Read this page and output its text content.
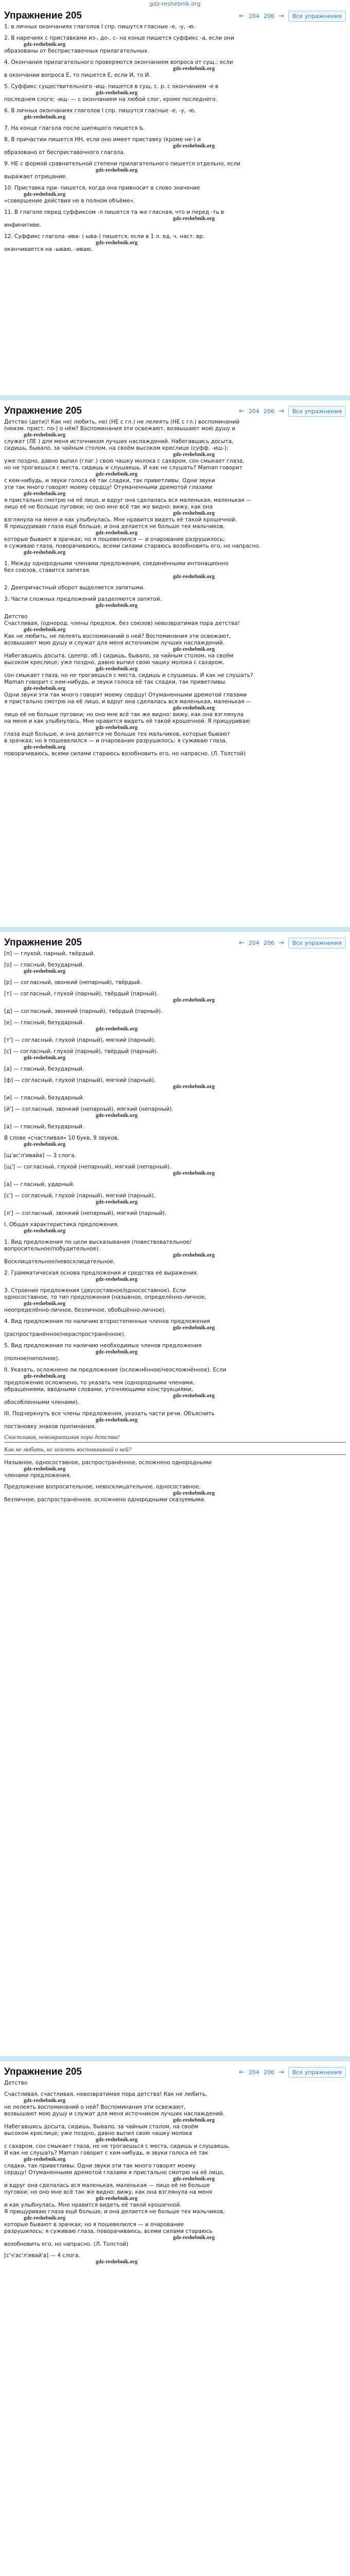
gdz-reshebnik.org
Упражнение 205	← 204 206 →	Все упражнения
1. в личных окончаниях глаголов I спр. пишутся гласные -е, -у, -ю.
2. В наречиях с приставками из-, до-, с- на конце пишется суффикс -а, если они
gdz-reshebnik.org
образованы от бесприставочных прилагательных.
4. Окончания прилагательного проверяются окончанием вопроса от сущ.; если
gdz-reshebnik.org
в окончании вопроса Е, то пишется Е, если И, то И.
5. Суффикс существительного -ищ- пишется в сущ. с. р. с окончанием -е в
gdz-reshebnik.org
последнем слоге; -ищ- — с окончанием на любой слог, кроме последнего.
6. В личных окончаниях глаголов I спр. пишутся гласные -е, -у, -ю.
gdz-reshebnik.org
7. На конце глагола после шипящего пишется Ь.
8. В причастии пишется НН, если оно имеет приставку (кроме не-) и
gdz-reshebnik.org
образовано от бесприставочного глагола.
9. НЕ с формой сравнительной степени прилагательного пишется отдельно, если
gdz-reshebnik.org
выражает отрицание.
10. Приставка при- пишется, когда она привносит в слово значение
gdz-reshebnik.org
«совершение действия не в полном объёме».
11. В глаголе перед суффиксом -л пишется та же гласная, что и перед -ть в
gdz-reshebnik.org
инфинитиве.
12. Суффикс глагола -ива- (-ыва-) пишется, если в 1 л. ед. ч. наст. вр.
gdz-reshebnik.org
оканчивается на -ываю, -иваю.
Упражнение 205	← 204 206 →	Все упражнения
Детство (дети)! Как не( любить, не) (НЕ с гл.) не лелеять (НЕ с гл.) воспоминаний
(неизм. прист. по-) о нём? Воспоминания эти освежают, возвышают мою душу и
gdz-reshebnik.org
служат (ЛЕ ) для меня источником лучших наслаждений. Набегавшись досыта,
сидишь, бывало, за чайным столом, на своём высоком креслице (суфф. -ищ-);
gdz-reshebnik.org
уже поздно, давно выпил (глаг.) свою чашку молока с сахаром, сон смыкает глаза,
но не трогаешься с места, сидишь и слушаешь. И как не слушать? Maman говорит
gdz-reshebnik.org
с кем-нибудь, и звуки голоса её так сладки, так приветливы. Одни звуки
эти так много говорят моему сердцу! Отуманенными дремотой глазами
gdz-reshebnik.org
я пристально смотрю на её лицо, и вдруг она сделалась вся маленькая, маленькая —
лицо её не больше пуговки; но оно мне всё так же видно: вижу, как она
gdz-reshebnik.org
взглянула на меня и как улыбнулась. Мне нравится видеть её такой крошечной.
Я прищуриваю глаза ещё больше, и она делается не больше тех мальчиков,
gdz-reshebnik.org
которые бывают в зрачках; но я пошевелился — и очарование разрушилось;
я суживаю глаза, поворачиваюсь, всеми силами стараюсь возобновить его, но напрасно.
gdz-reshebnik.org
1. Между однородными членами предложения, соединёнными интонационно
без союзов, ставится запятая.
gdz-reshebnik.org
2. Деепричастный оборот выделяется запятыми.
3. Части сложных предложений разделяются запятой.
gdz-reshebnik.org
Детство
Счастливая, (однород. члены предлож. без союзов) невозвратимая пора детства!
gdz-reshebnik.org
Как не любить, не лелеять воспоминаний о ней? Воспоминания эти освежают,
возвышают мою душу и служат для меня источником лучших наслаждений.
gdz-reshebnik.org
Набегавшись досыта, (деепр. об.) сидишь, бывало, за чайным столом, на своём
высоком креслице; уже поздно, давно выпил свою чашку молока с сахаром,
gdz-reshebnik.org
сон смыкает глаза, но не трогаешься с места, сидишь и слушаешь. И как не слушать?
Maman говорит с кем-нибудь, и звуки голоса её так сладки, так приветливы.
gdz-reshebnik.org
Одни звуки эти так много говорят моему сердцу! Отуманенными дремотой глазами
я пристально смотрю на её лицо, и вдруг она сделалась вся маленькая, маленькая —
gdz-reshebnik.org
лицо её не больше пуговки; но оно мне всё так же видно: вижу, как она взглянула
на меня и как улыбнулась. Мне нравится видеть её такой крошечной. Я прищуриваю
gdz-reshebnik.org
глаза ещё больше, и она делается не больше тех мальчиков, которые бывают
в зрачках; но я пошевелился — и очарование разрушилось; я суживаю глаза,
gdz-reshebnik.org
поворачиваюсь, всеми силами стараюсь возобновить его, но напрасно. (Л. Толстой)
Упражнение 205	← 204 206 →	Все упражнения
[п] — глухой, парный, твёрдый.
[о] — гласный, безударный.
gdz-reshebnik.org
[р] — согласный, звонкий (непарный), твёрдый.
[т] — согласный, глухой (парный), твёрдый (парный).
gdz-reshebnik.org
[д] — согласный, звонкий (парный), твёрдый (парный).
[е] — гласный, безударный.
gdz-reshebnik.org
[т'] — согласный, глухой (парный), мягкий (парный).
[с] — согласный, глухой (парный), твёрдый (парный).
gdz-reshebnik.org
[а] — гласный, безударный.
[ф] — согласный, глухой (парный), мягкий (парный).
gdz-reshebnik.org
[и] — гласный, безударный.
[й'] — согласный, звонкий (непарный), мягкий (непарный).
gdz-reshebnik.org
[а] — гласный, безударный.
В слове «счастливая» 10 букв, 9 звуков.
gdz-reshebnik.org
[щ'ас'л'ивайа] — 3 слога.
[щ'] — согласный, глухой (непарный), мягкий (непарный).
gdz-reshebnik.org
[а] — гласный, ударный.
[с'] — согласный, глухой (парный), мягкий (парный).
gdz-reshebnik.org
[л'] — согласный, звонкий (непарный), мягкий (парный).
I. Общая характеристика предложения.
gdz-reshebnik.org
1. Вид предложения по цели высказывания (повествовательное/
вопросительное/побудительное).
gdz-reshebnik.org
Восклицательное/невосклицательное.
2. Грамматическая основа предложения и средства её выражения.
gdz-reshebnik.org
3. Строение предложения (двусоставное/односоставное). Если
односоставное, то тип предложения (назывное, определённо-личное,
gdz-reshebnik.org
неопределённо-личное, безличное, обобщённо-личное).
4. Вид предложения по наличию второстепенных членов предложения
gdz-reshebnik.org
(распространённое/нераспространённое).
5. Вид предложения по наличию необходимых членов предложения
gdz-reshebnik.org
(полное/неполное).
II. Указать, осложнено ли предложение (осложнённое/неосложнённое). Если
gdz-reshebnik.org
предложение осложнено, то указать чем (однородными членами,
обращениями, вводными словами, уточняющими конструкциями,
gdz-reshebnik.org
обособленными членами).
III. Подчеркнуть все члены предложения, указать части речи. Объяснить
gdz-reshebnik.org
постановку знаков препинания.
Счастливая, невозвратимая пора детства!
Как не любить, не лелеять воспоминаний о ней?
Назывное, односоставное, распространённое, осложнено однородными
gdz-reshebnik.org
членами предложения.
Предложение вопросительное, невосклицательное, односоставное,
gdz-reshebnik.org
безличное, распространённое, осложнено однородными сказуемыми.
Упражнение 205	← 204 206 →	Все упражнения
Детство
Счастливая, счастливая, невозвратимая пора детства! Как не любить,
gdz-reshebnik.org
не лелеять воспоминаний о ней? Воспоминания эти освежают,
возвышают мою душу и служат для меня источником лучших наслаждений.
gdz-reshebnik.org
Набегавшись досыта, сидишь, бывало, за чайным столом, на своём
высоком креслице; уже поздно, давно выпил свою чашку молока
gdz-reshebnik.org
с сахаром, сон смыкает глаза, но не трогаешься с места, сидишь и слушаешь.
И как не слушать? Maman говорит с кем-нибудь, и звуки голоса её так
gdz-reshebnik.org
сладки, так приветливы. Одни звуки эти так много говорят моему
сердцу! Отуманенными дремотой глазами я пристально смотрю на её лицо,
gdz-reshebnik.org
и вдруг она сделалась вся маленькая, маленькая — лицо её не больше
пуговки; но оно мне всё так же видно: вижу, как она взглянула на меня
gdz-reshebnik.org
и как улыбнулась. Мне нравится видеть её такой крошечной.
Я прищуриваю глаза ещё больше, и она делается не больше тех мальчиков,
gdz-reshebnik.org
которые бывают в зрачках; но я пошевелился — и очарование
разрушилось; я суживаю глаза, поворачиваюсь, всеми силами стараюсь
gdz-reshebnik.org
возобновить его, но напрасно. (Л. Толстой)
[с'ч'ас'л'ивай'а] — 4 слога.
gdz-reshebnik.org
